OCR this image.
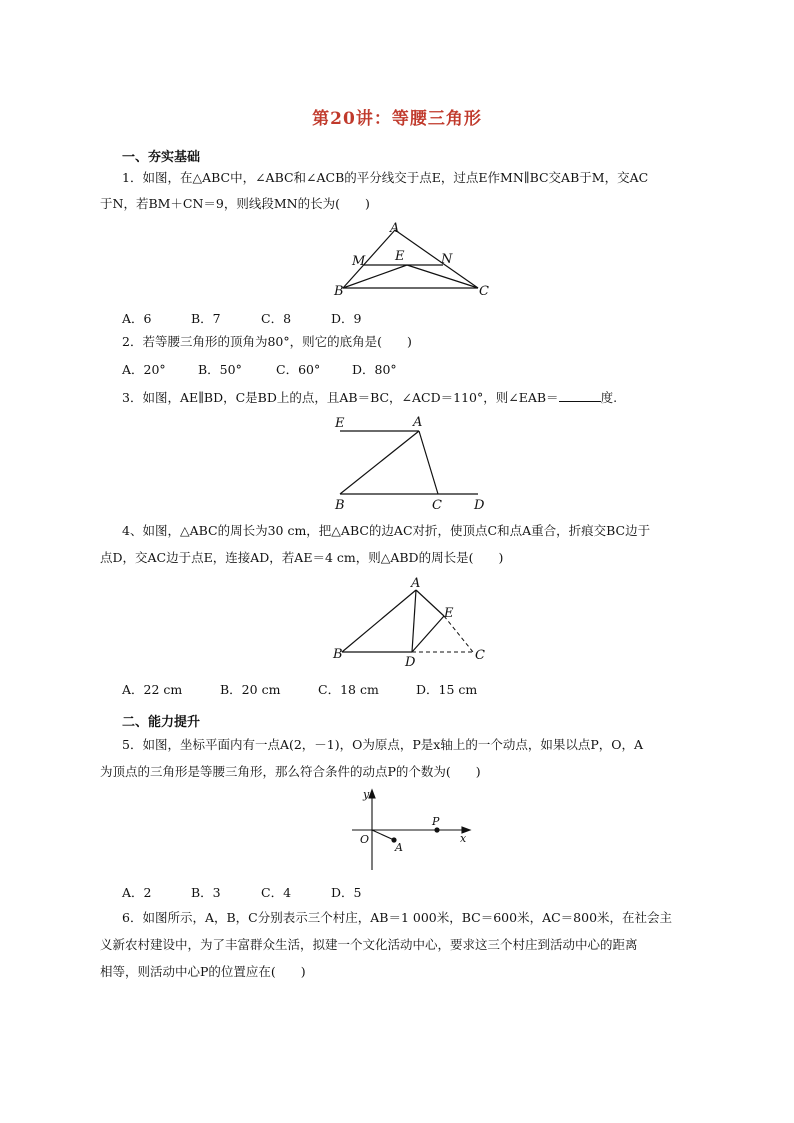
第20讲：等腰三角形
一、夯实基础
1．如图，在△ABC中，∠ABC和∠ACB的平分线交于点E，过点E作MN∥BC交AB于M，交AC
于N，若BM＋CN＝9，则线段MN的长为(　　)
A
M E	N
B	C
A．6	B．7	C．8	D．9
2．若等腰三角形的顶角为80°，则它的底角是(　　)
A．20°	B．50°	C．60°	D．80°
3．如图，AE∥BD，C是BD上的点，且AB＝BC，∠ACD＝110°，则∠EAB＝	度.
E	A
B	C D
4、如图，△ABC的周长为30 cm，把△ABC的边AC对折，使顶点C和点A重合，折痕交BC边于
点D，交AC边于点E，连接AD，若AE＝4 cm，则△ABD的周长是(　　)
A
E
B
D	C
A．22 cm	B．20 cm	C．18 cm	D．15 cm
二、能力提升
5．如图，坐标平面内有一点A(2，－1)，O为原点，P是x轴上的一个动点，如果以点P，O，A
为顶点的三角形是等腰三角形，那么符合条件的动点P的个数为(　　)
y
O
P
x
A
A．2	B．3	C．4	D．5
6．如图所示，A，B，C分别表示三个村庄，AB＝1 000米，BC＝600米，AC＝800米，在社会主
义新农村建设中，为了丰富群众生活，拟建一个文化活动中心，要求这三个村庄到活动中心的距离
相等，则活动中心P的位置应在(　　)
